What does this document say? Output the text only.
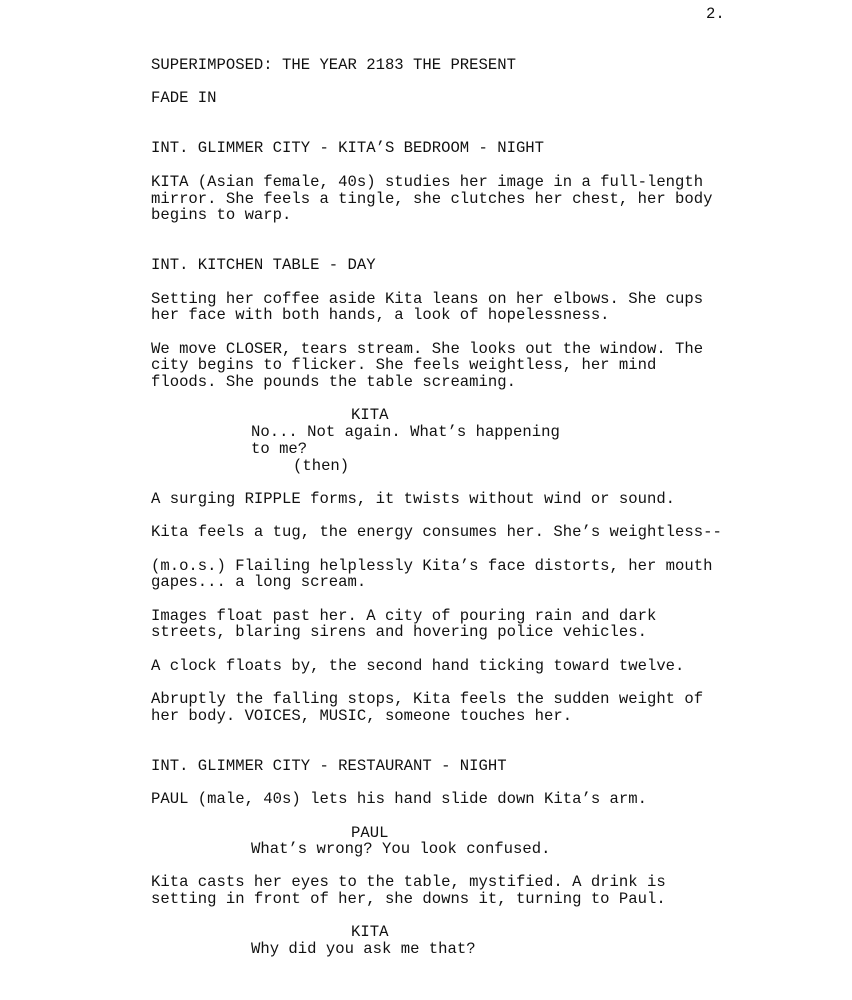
2.
SUPERIMPOSED: THE YEAR 2183 THE PRESENT
FADE IN
INT. GLIMMER CITY - KITA’S BEDROOM - NIGHT
KITA (Asian female, 40s) studies her image in a full-length
mirror. She feels a tingle, she clutches her chest, her body
begins to warp.
INT. KITCHEN TABLE - DAY
Setting her coffee aside Kita leans on her elbows. She cups
her face with both hands, a look of hopelessness.
We move CLOSER, tears stream. She looks out the window. The
city begins to flicker. She feels weightless, her mind
floods. She pounds the table screaming.
KITA
No... Not again. What’s happening
to me?
(then)
A surging RIPPLE forms, it twists without wind or sound.
Kita feels a tug, the energy consumes her. She’s weightless--
(m.o.s.) Flailing helplessly Kita’s face distorts, her mouth
gapes... a long scream.
Images float past her. A city of pouring rain and dark
streets, blaring sirens and hovering police vehicles.
A clock floats by, the second hand ticking toward twelve.
Abruptly the falling stops, Kita feels the sudden weight of
her body. VOICES, MUSIC, someone touches her.
INT. GLIMMER CITY - RESTAURANT - NIGHT
PAUL (male, 40s) lets his hand slide down Kita’s arm.
PAUL
What’s wrong? You look confused.
Kita casts her eyes to the table, mystified. A drink is
setting in front of her, she downs it, turning to Paul.
KITA
Why did you ask me that?
